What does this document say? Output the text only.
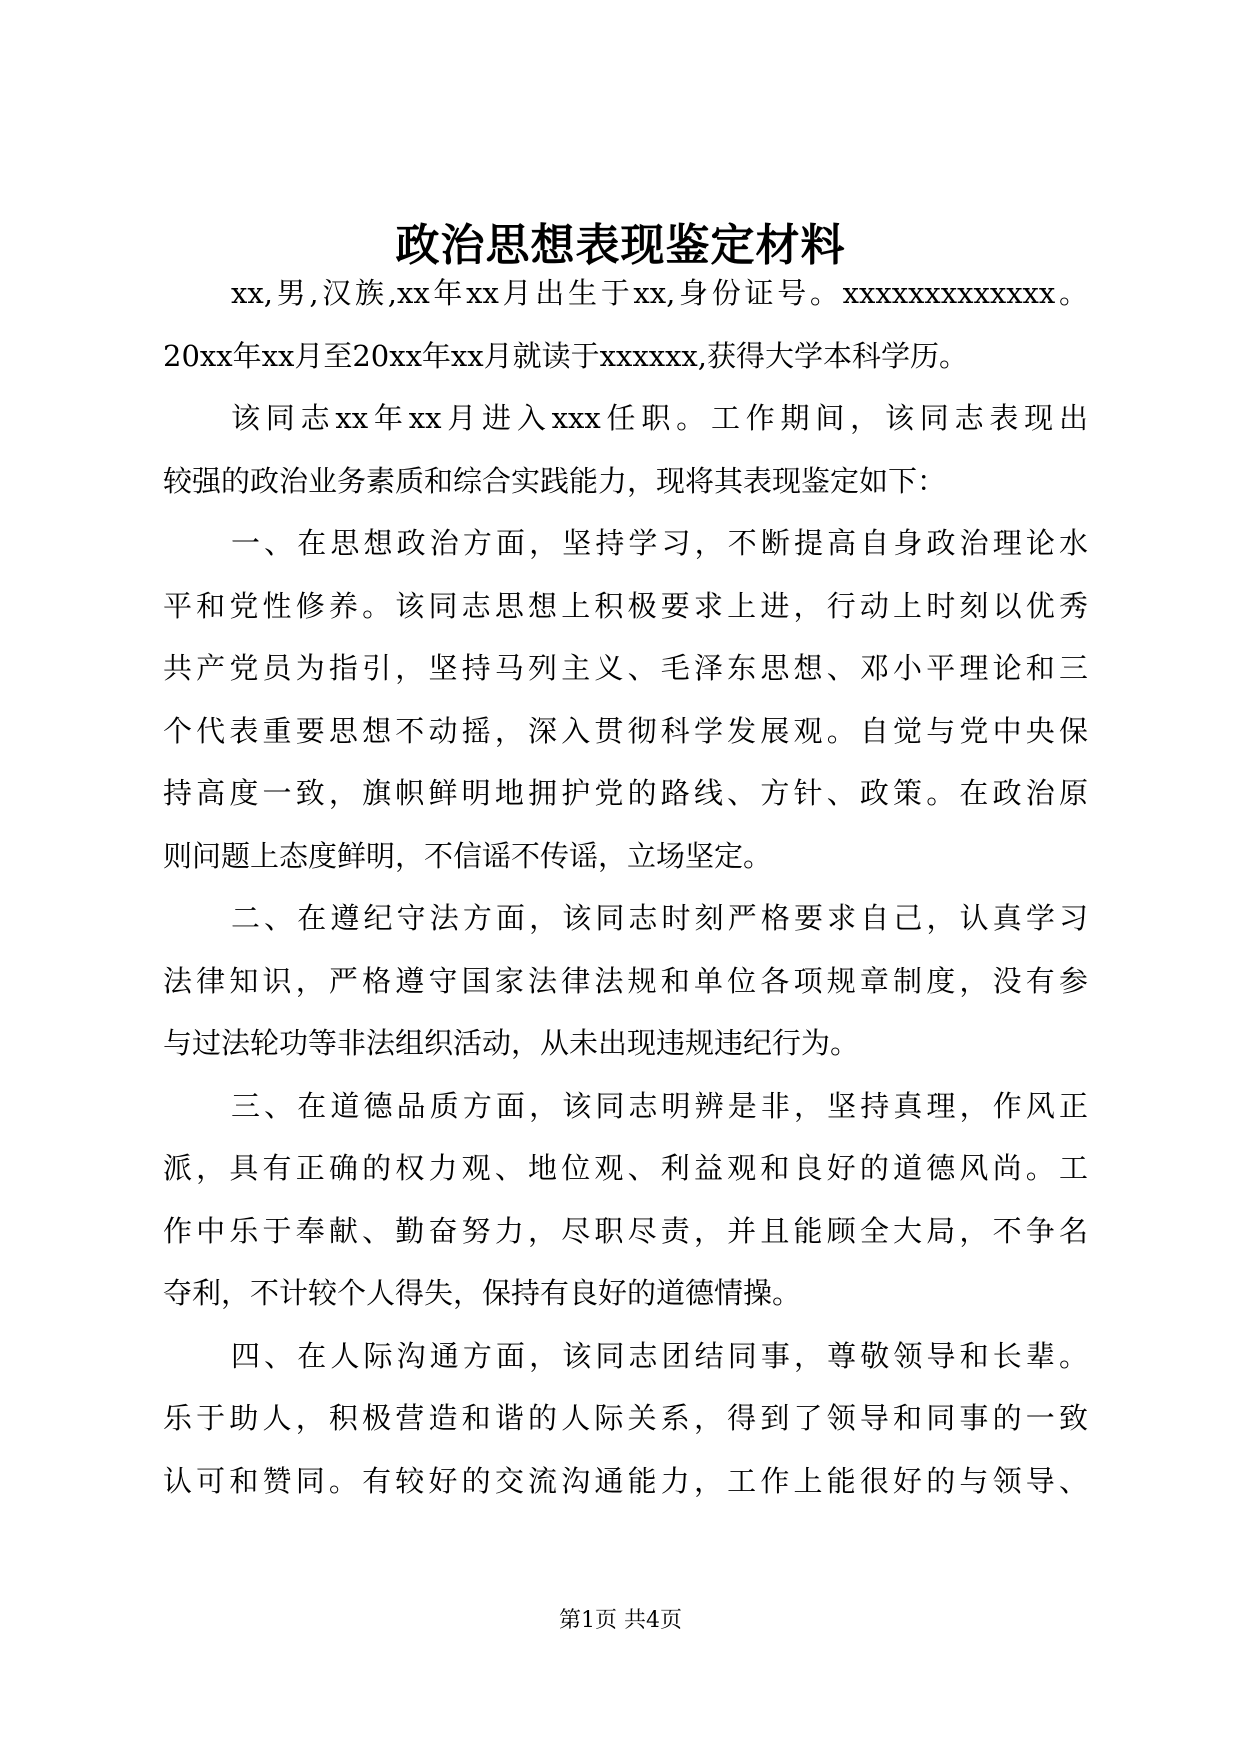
政治思想表现鉴定材料
xx,男,汉族,xx年xx月出生于xx,身份证号。xxxxxxxxxxxxx。
20xx年xx月至20xx年xx月就读于xxxxxx,获得大学本科学历。
该同志xx年xx月进入xxx任职。工作期间，该同志表现出
较强的政治业务素质和综合实践能力，现将其表现鉴定如下：
一、在思想政治方面，坚持学习，不断提高自身政治理论水
平和党性修养。该同志思想上积极要求上进，行动上时刻以优秀
共产党员为指引，坚持马列主义、毛泽东思想、邓小平理论和三
个代表重要思想不动摇，深入贯彻科学发展观。自觉与党中央保
持高度一致，旗帜鲜明地拥护党的路线、方针、政策。在政治原
则问题上态度鲜明，不信谣不传谣，立场坚定。
二、在遵纪守法方面，该同志时刻严格要求自己，认真学习
法律知识，严格遵守国家法律法规和单位各项规章制度，没有参
与过法轮功等非法组织活动，从未出现违规违纪行为。
三、在道德品质方面，该同志明辨是非，坚持真理，作风正
派，具有正确的权力观、地位观、利益观和良好的道德风尚。工
作中乐于奉献、勤奋努力，尽职尽责，并且能顾全大局，不争名
夺利，不计较个人得失，保持有良好的道德情操。
四、在人际沟通方面，该同志团结同事，尊敬领导和长辈。
乐于助人，积极营造和谐的人际关系，得到了领导和同事的一致
认可和赞同。有较好的交流沟通能力，工作上能很好的与领导、
第1页 共4页
